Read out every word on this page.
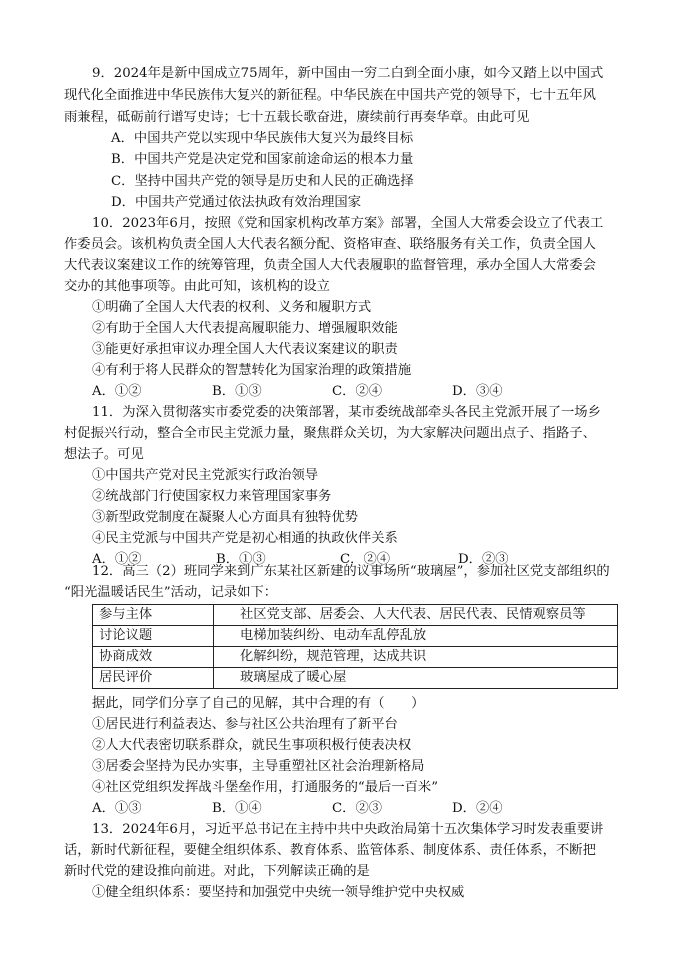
9．2024年是新中国成立75周年，新中国由一穷二白到全面小康，如今又踏上以中国式
现代化全面推进中华民族伟大复兴的新征程。中华民族在中国共产党的领导下，七十五年风
雨兼程，砥砺前行谱写史诗；七十五载长歌奋进，赓续前行再奏华章。由此可见
A．中国共产党以实现中华民族伟大复兴为最终目标
B．中国共产党是决定党和国家前途命运的根本力量
C．坚持中国共产党的领导是历史和人民的正确选择
D．中国共产党通过依法执政有效治理国家
10．2023年6月，按照《党和国家机构改革方案》部署，全国人大常委会设立了代表工
作委员会。该机构负责全国人大代表名额分配、资格审查、联络服务有关工作，负责全国人
大代表议案建议工作的统筹管理，负责全国人大代表履职的监督管理，承办全国人大常委会
交办的其他事项等。由此可知，该机构的设立
①明确了全国人大代表的权利、义务和履职方式
②有助于全国人大代表提高履职能力、增强履职效能
③能更好承担审议办理全国人大代表议案建议的职责
④有利于将人民群众的智慧转化为国家治理的政策措施
A．①②	B．①③	C．②④	D．③④
11．为深入贯彻落实市委党委的决策部署，某市委统战部牵头各民主党派开展了一场乡
村促振兴行动，整合全市民主党派力量，聚焦群众关切，为大家解决问题出点子、指路子、
想法子。可见
①中国共产党对民主党派实行政治领导
②统战部门行使国家权力来管理国家事务
③新型政党制度在凝聚人心方面具有独特优势
④民主党派与中国共产党是初心相通的执政伙伴关系
A．①②	B．①③	C．②④	D．②③
12．高三（2）班同学来到广东某社区新建的议事场所“玻璃屋”，参加社区党支部组织的
“阳光温暖话民生”活动，记录如下：
参与主体	社区党支部、居委会、人大代表、居民代表、民情观察员等
讨论议题	电梯加装纠纷、电动车乱停乱放
协商成效	化解纠纷，规范管理，达成共识
居民评价	玻璃屋成了暖心屋
据此，同学们分享了自己的见解，其中合理的有（　　）
①居民进行利益表达、参与社区公共治理有了新平台
②人大代表密切联系群众，就民生事项积极行使表决权
③居委会坚持为民办实事，主导重塑社区社会治理新格局
④社区党组织发挥战斗堡垒作用，打通服务的“最后一百米”
A．①③	B．①④	C．②③	D．②④
13．2024年6月，习近平总书记在主持中共中央政治局第十五次集体学习时发表重要讲
话，新时代新征程，要健全组织体系、教育体系、监管体系、制度体系、责任体系，不断把
新时代党的建设推向前进。对此，下列解读正确的是
①健全组织体系：要坚持和加强党中央统一领导维护党中央权威
